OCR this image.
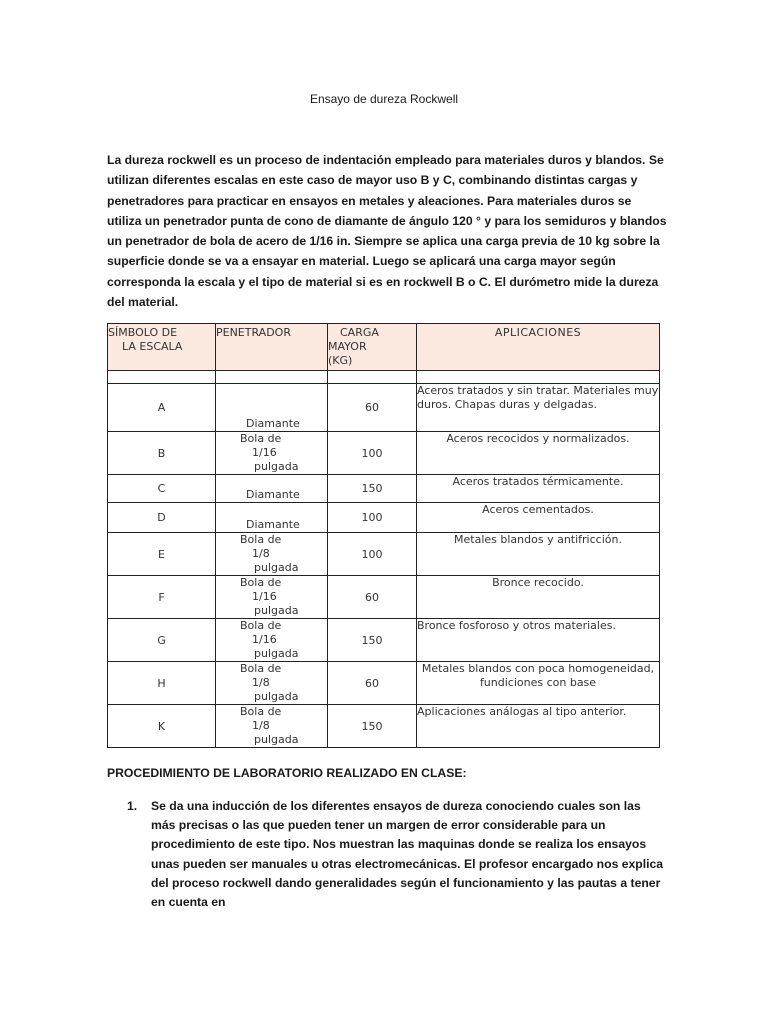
Ensayo de dureza Rockwell

La dureza rockwell es un proceso de indentación empleado para materiales duros y blandos. Se utilizan diferentes escalas en este caso de mayor uso B y C, combinando distintas cargas y penetradores para practicar en ensayos en metales y aleaciones. Para materiales duros se utiliza un penetrador punta de cono de diamante de ángulo 120 ° y para los semiduros y blandos un penetrador de bola de acero de 1/16 in. Siempre se aplica una carga previa de 10 kg sobre la superficie donde se va a ensayar en material. Luego se aplicará una carga mayor según corresponda la escala y el tipo de material si es en rockwell B o C. El durómetro mide la dureza del material.

SÍMBOLO DE
LA ESCALA	PENETRADOR	CARGA
MAYOR
(KG)	APLICACIONES

A	Diamante	60	Aceros tratados y sin tratar. Materiales muy duros. Chapas duras y delgadas.
B	Bola de
1/16
pulgada	100	Aceros recocidos y normalizados.
C	Diamante	150	Aceros tratados térmicamente.
D	Diamante	100	Aceros cementados.
E	Bola de
1/8
pulgada	100	Metales blandos y antifricción.
F	Bola de
1/16
pulgada	60	Bronce recocido.
G	Bola de
1/16
pulgada	150	Bronce fosforoso y otros materiales.
H	Bola de
1/8
pulgada	60	Metales blandos con poca homogeneidad, fundiciones con base
K	Bola de
1/8
pulgada	150	Aplicaciones análogas al tipo anterior.
PROCEDIMIENTO DE LABORATORIO REALIZADO EN CLASE:
1.	Se da una inducción de los diferentes ensayos de dureza conociendo cuales son las más precisas o las que pueden tener un margen de error considerable para un procedimiento de este tipo. Nos muestran las maquinas donde se realiza los ensayos unas pueden ser manuales u otras electromecánicas. El profesor encargado nos explica del proceso rockwell dando generalidades según el funcionamiento y las pautas a tener en cuenta en
